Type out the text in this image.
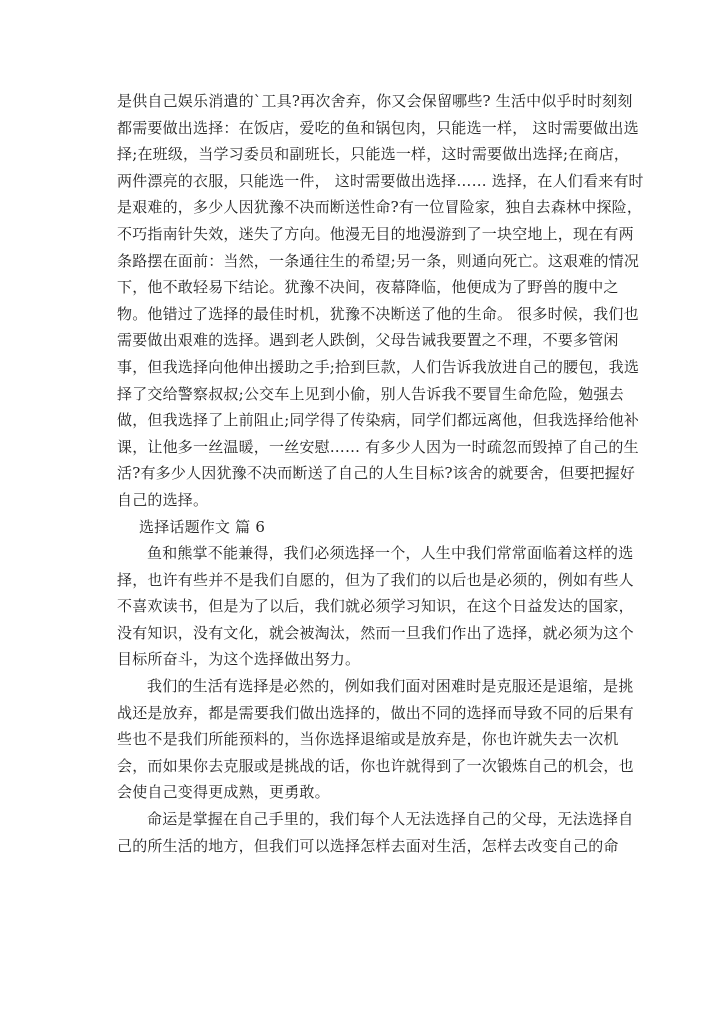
是供自己娱乐消遣的`工具?再次舍弃，你又会保留哪些? 生活中似乎时时刻刻
都需要做出选择：在饭店，爱吃的鱼和锅包肉，只能选一样， 这时需要做出选
择;在班级，当学习委员和副班长，只能选一样，这时需要做出选择;在商店，
两件漂亮的衣服，只能选一件， 这时需要做出选择…… 选择，在人们看来有时
是艰难的，多少人因犹豫不决而断送性命?有一位冒险家，独自去森林中探险，
不巧指南针失效，迷失了方向。他漫无目的地漫游到了一块空地上，现在有两
条路摆在面前：当然，一条通往生的希望;另一条，则通向死亡。这艰难的情况
下，他不敢轻易下结论。犹豫不决间，夜幕降临，他便成为了野兽的腹中之
物。他错过了选择的最佳时机，犹豫不决断送了他的生命。 很多时候，我们也
需要做出艰难的选择。遇到老人跌倒，父母告诫我要置之不理，不要多管闲
事，但我选择向他伸出援助之手;拾到巨款，人们告诉我放进自己的腰包，我选
择了交给警察叔叔;公交车上见到小偷，别人告诉我不要冒生命危险，勉强去
做，但我选择了上前阻止;同学得了传染病，同学们都远离他，但我选择给他补
课，让他多一丝温暖，一丝安慰…… 有多少人因为一时疏忽而毁掉了自己的生
活?有多少人因犹豫不决而断送了自己的人生目标?该舍的就要舍，但要把握好
自己的选择。
选择话题作文 篇 6
鱼和熊掌不能兼得，我们必须选择一个，人生中我们常常面临着这样的选
择，也许有些并不是我们自愿的，但为了我们的以后也是必须的，例如有些人
不喜欢读书，但是为了以后，我们就必须学习知识，在这个日益发达的国家，
没有知识，没有文化，就会被淘汰，然而一旦我们作出了选择，就必须为这个
目标所奋斗，为这个选择做出努力。
我们的生活有选择是必然的，例如我们面对困难时是克服还是退缩，是挑
战还是放弃，都是需要我们做出选择的，做出不同的选择而导致不同的后果有
些也不是我们所能预料的，当你选择退缩或是放弃是，你也许就失去一次机
会，而如果你去克服或是挑战的话，你也许就得到了一次锻炼自己的机会，也
会使自己变得更成熟，更勇敢。
命运是掌握在自己手里的，我们每个人无法选择自己的父母，无法选择自
己的所生活的地方，但我们可以选择怎样去面对生活，怎样去改变自己的命
